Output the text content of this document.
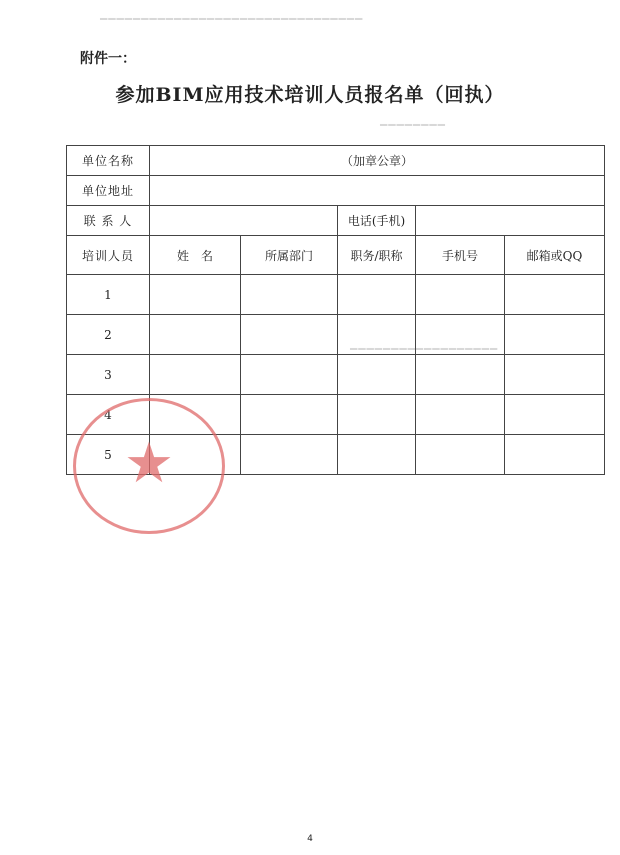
━━━━━━━━━━━━━━━━━━━━━━━━━━━━━━━━
━━━━━━━━
━━━━━━━━━━━━━━━━━━
附件一：
参加BIM应用技术培训人员报名单（回执）
单位名称	（加章公章）				
单位地址					
联 系 人			电话(手机)		
培训人员	姓　名	所属部门	职务/职称	手机号	邮箱或QQ
1					
2					
3					
4					
5					★
4
